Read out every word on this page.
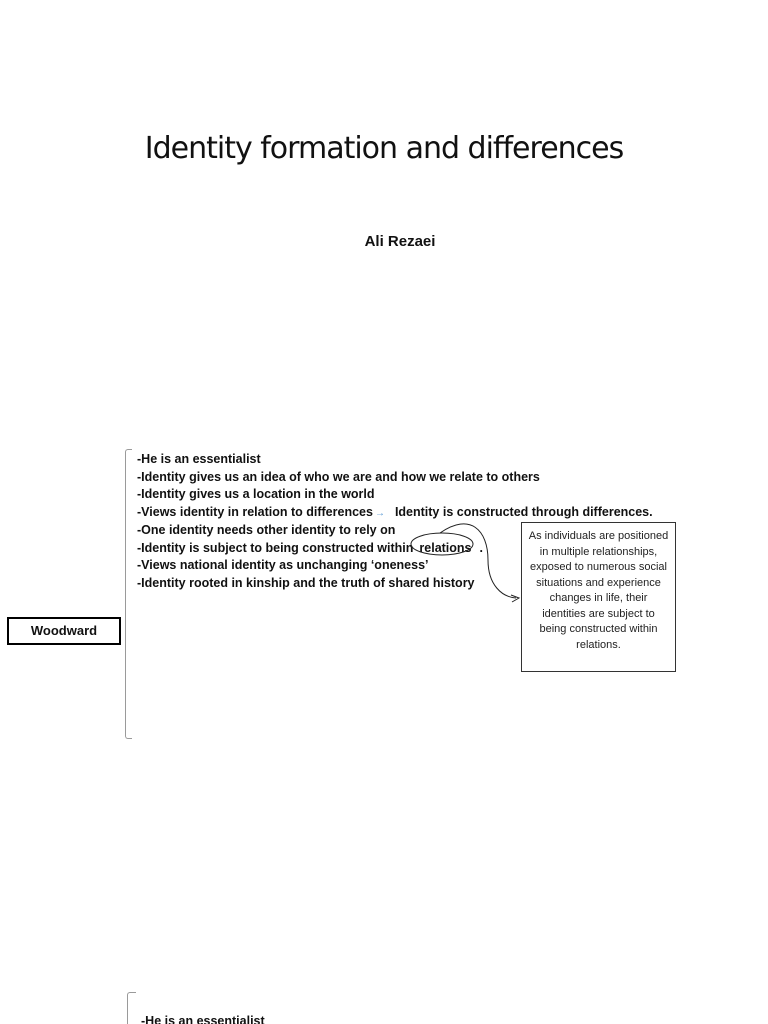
Identity formation and differences
Ali Rezaei
Woodward
-He is an essentialist
-Identity gives us an idea of who we are and how we relate to others
-Identity gives us a location in the world
-Views identity in relation to differences → Identity is constructed through differences.
-One identity needs other identity to rely on
-Identity is subject to being constructed within relations .
-Views national identity as unchanging ‘oneness’
-Identity rooted in kinship and the truth of shared history
As individuals are positioned in multiple relationships, exposed to numerous social situations and experience changes in life, their identities are subject to being constructed within relations.
-He is an essentialist
